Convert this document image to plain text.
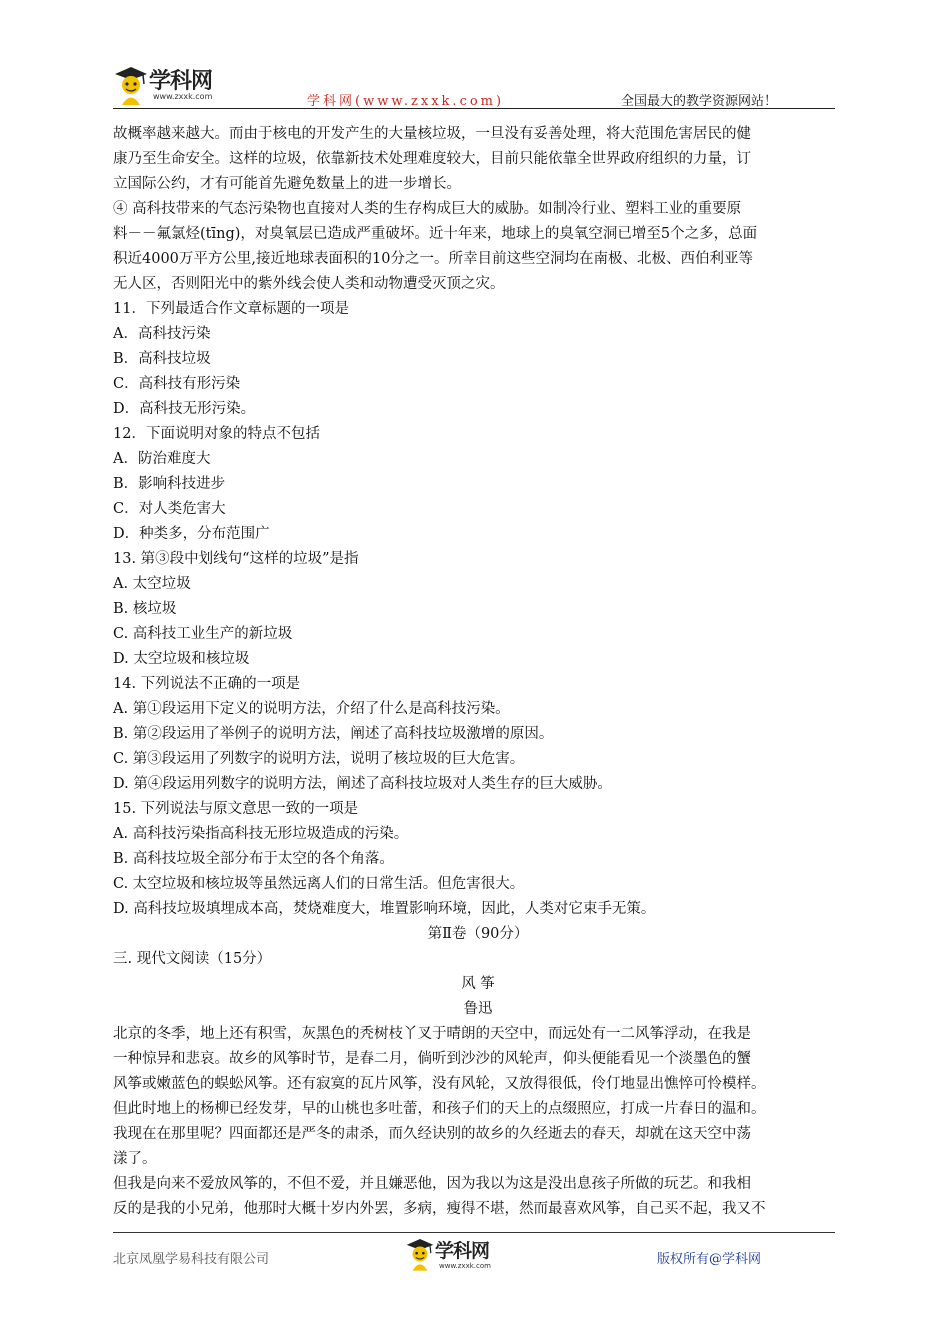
学科网
www.zxxk.com	学科网(www.zxxk.com)	全国最大的教学资源网站！

故概率越来越大。而由于核电的开发产生的大量核垃圾，一旦没有妥善处理，将大范围危害居民的健

康乃至生命安全。这样的垃圾，依靠新技术处理难度较大，目前只能依靠全世界政府组织的力量，订

立国际公约，才有可能首先避免数量上的进一步增长。

④ 高科技带来的气态污染物也直接对人类的生存构成巨大的威胁。如制冷行业、塑料工业的重要原

料－－氟氯烃(tīng)，对臭氧层已造成严重破坏。近十年来，地球上的臭氧空洞已增至5个之多，总面

积近4000万平方公里,接近地球表面积的10分之一。所幸目前这些空洞均在南极、北极、西伯利亚等

无人区，否则阳光中的紫外线会使人类和动物遭受灭顶之灾。

11．下列最适合作文章标题的一项是

A．高科技污染

B．高科技垃圾

C．高科技有形污染

D．高科技无形污染。

12．下面说明对象的特点不包括

A．防治难度大

B．影响科技进步

C．对人类危害大

D．种类多，分布范围广

13. 第③段中划线句“这样的垃圾”是指

A. 太空垃圾

B. 核垃圾

C. 高科技工业生产的新垃圾

D. 太空垃圾和核垃圾

14. 下列说法不正确的一项是

A. 第①段运用下定义的说明方法，介绍了什么是高科技污染。

B. 第②段运用了举例子的说明方法，阐述了高科技垃圾激增的原因。

C. 第③段运用了列数字的说明方法，说明了核垃圾的巨大危害。

D. 第④段运用列数字的说明方法，阐述了高科技垃圾对人类生存的巨大威胁。

15. 下列说法与原文意思一致的一项是

A. 高科技污染指高科技无形垃圾造成的污染。

B. 高科技垃圾全部分布于太空的各个角落。

C. 太空垃圾和核垃圾等虽然远离人们的日常生活。但危害很大。

D. 高科技垃圾填埋成本高，焚烧难度大，堆置影响环境，因此，人类对它束手无策。

第Ⅱ卷（90分）

三. 现代文阅读（15分）

风 筝

鲁迅

北京的冬季，地上还有积雪，灰黑色的秃树枝丫叉于晴朗的天空中，而远处有一二风筝浮动，在我是

一种惊异和悲哀。故乡的风筝时节，是春二月，倘听到沙沙的风轮声，仰头便能看见一个淡墨色的蟹

风筝或嫩蓝色的蜈蚣风筝。还有寂寞的瓦片风筝，没有风轮，又放得很低，伶仃地显出憔悴可怜模样。

但此时地上的杨柳已经发芽，早的山桃也多吐蕾，和孩子们的天上的点缀照应，打成一片春日的温和。

我现在在那里呢？四面都还是严冬的肃杀，而久经诀别的故乡的久经逝去的春天，却就在这天空中荡

漾了。

但我是向来不爱放风筝的，不但不爱，并且嫌恶他，因为我以为这是没出息孩子所做的玩艺。和我相

反的是我的小兄弟，他那时大概十岁内外罢，多病，瘦得不堪，然而最喜欢风筝，自己买不起，我又不

北京凤凰学易科技有限公司	学科网
www.zxxk.com	版权所有@学科网
